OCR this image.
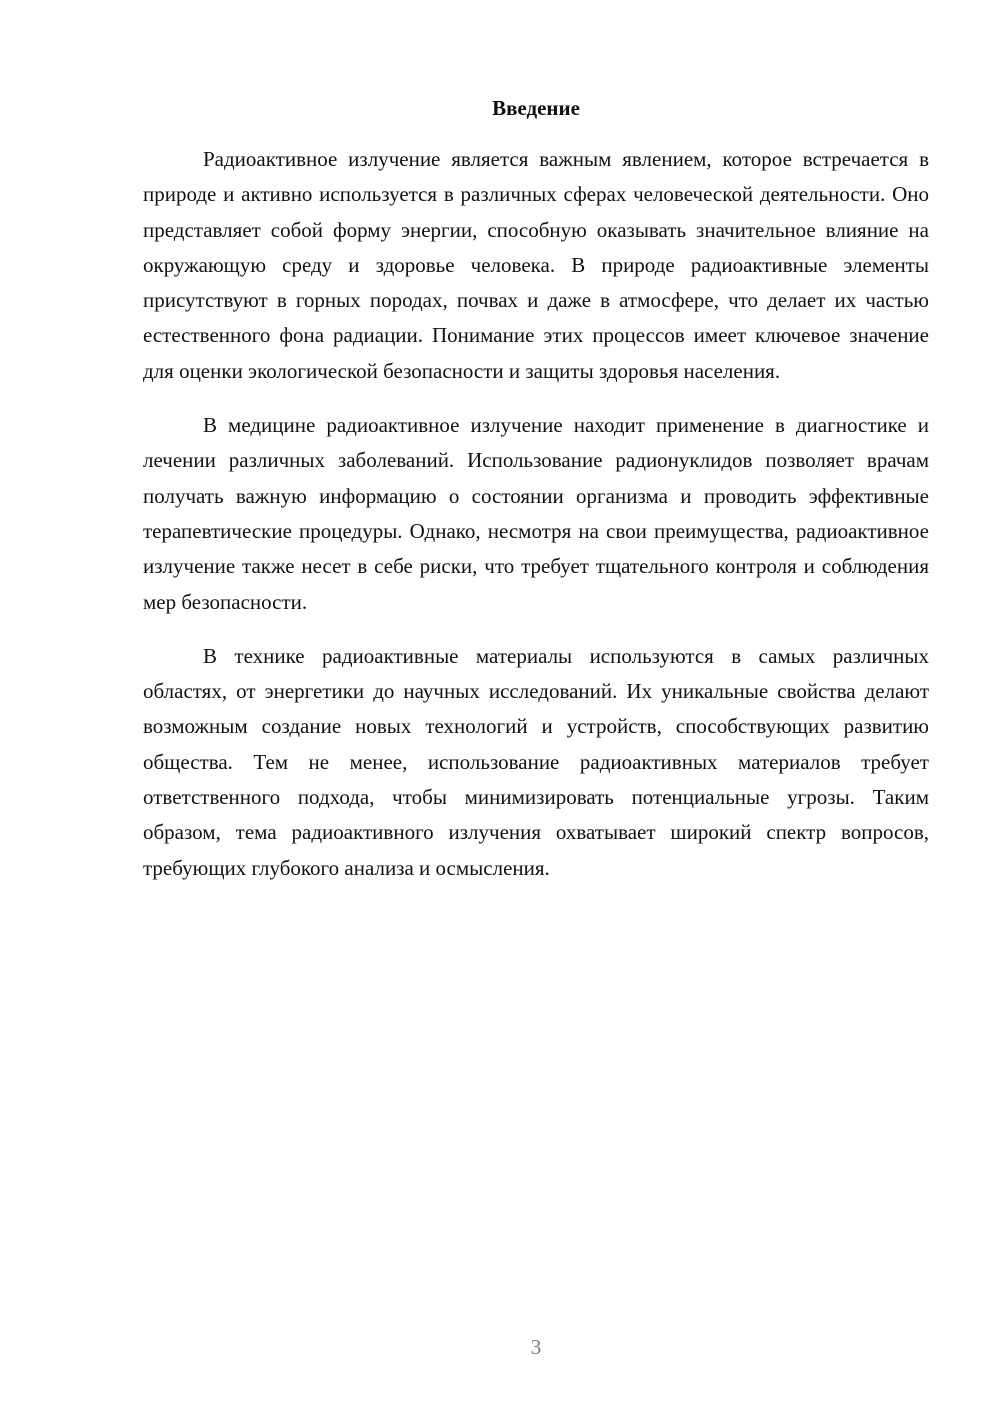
Введение

Радиоактивное излучение является важным явлением, которое встречается в природе и активно используется в различных сферах человеческой деятельности. Оно представляет собой форму энергии, способную оказывать значительное влияние на окружающую среду и здоровье человека. В природе радиоактивные элементы присутствуют в горных породах, почвах и даже в атмосфере, что делает их частью естественного фона радиации. Понимание этих процессов имеет ключевое значение для оценки экологической безопасности и защиты здоровья населения.

В медицине радиоактивное излучение находит применение в диагностике и лечении различных заболеваний. Использование радионуклидов позволяет врачам получать важную информацию о состоянии организма и проводить эффективные терапевтические процедуры. Однако, несмотря на свои преимущества, радиоактивное излучение также несет в себе риски, что требует тщательного контроля и соблюдения мер безопасности.

В технике радиоактивные материалы используются в самых различных областях, от энергетики до научных исследований. Их уникальные свойства делают возможным создание новых технологий и устройств, способствующих развитию общества. Тем не менее, использование радиоактивных материалов требует ответственного подхода, чтобы минимизировать потенциальные угрозы. Таким образом, тема радиоактивного излучения охватывает широкий спектр вопросов, требующих глубокого анализа и осмысления.

3
